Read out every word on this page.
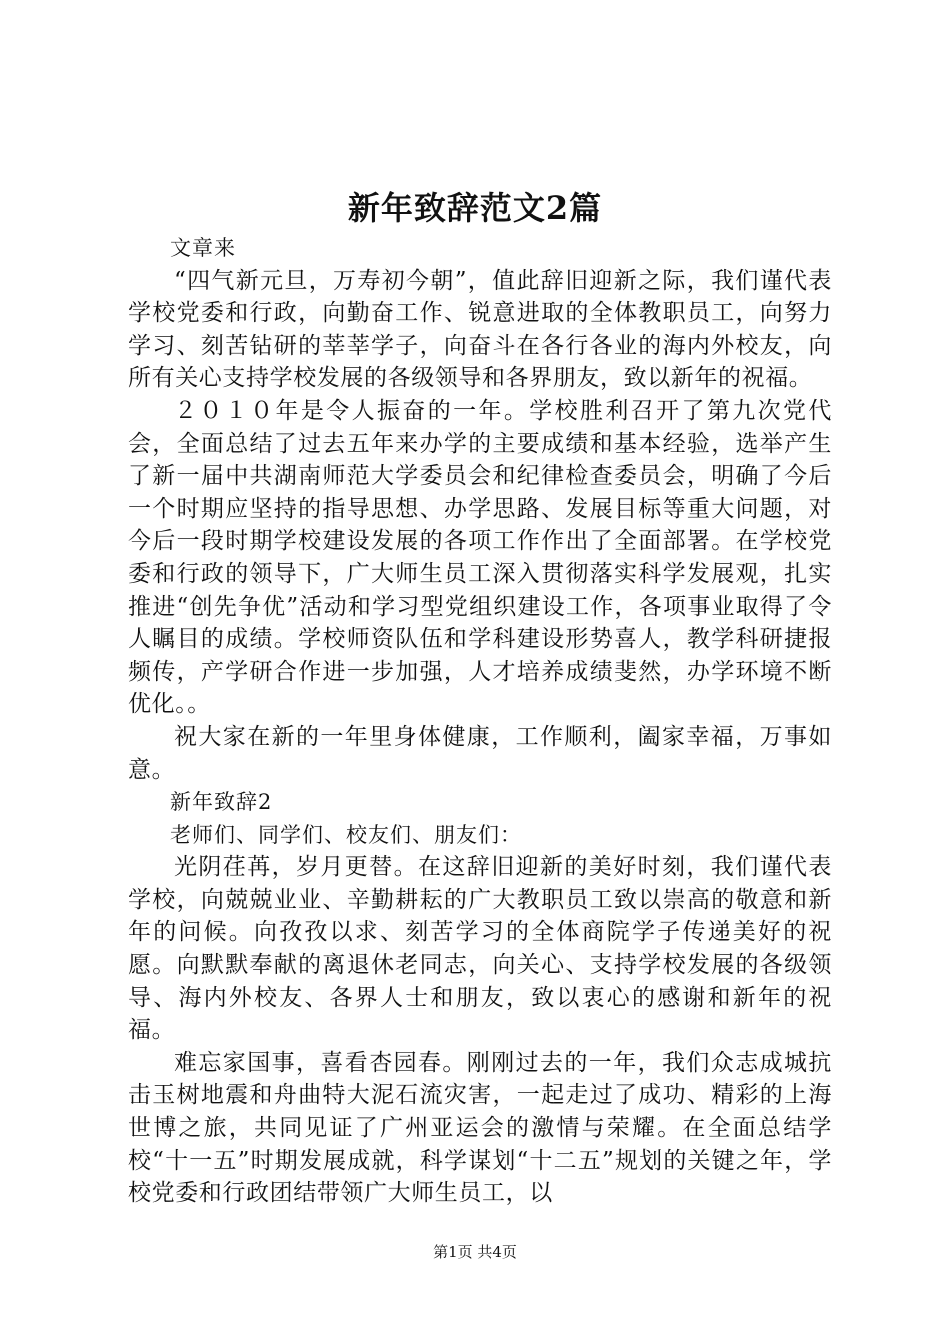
新年致辞范文2篇

文章来

“四气新元旦，万寿初今朝”，值此辞旧迎新之际，我们谨代表学校党委和行政，向勤奋工作、锐意进取的全体教职员工，向努力学习、刻苦钻研的莘莘学子，向奋斗在各行各业的海内外校友，向所有关心支持学校发展的各级领导和各界朋友，致以新年的祝福。

２０１０年是令人振奋的一年。学校胜利召开了第九次党代会，全面总结了过去五年来办学的主要成绩和基本经验，选举产生了新一届中共湖南师范大学委员会和纪律检查委员会，明确了今后一个时期应坚持的指导思想、办学思路、发展目标等重大问题，对今后一段时期学校建设发展的各项工作作出了全面部署。在学校党委和行政的领导下，广大师生员工深入贯彻落实科学发展观，扎实推进“创先争优”活动和学习型党组织建设工作，各项事业取得了令人瞩目的成绩。学校师资队伍和学科建设形势喜人，教学科研捷报频传，产学研合作进一步加强，人才培养成绩斐然，办学环境不断优化。。

祝大家在新的一年里身体健康，工作顺利，阖家幸福，万事如意。

新年致辞2

老师们、同学们、校友们、朋友们：

光阴荏苒，岁月更替。在这辞旧迎新的美好时刻，我们谨代表学校，向兢兢业业、辛勤耕耘的广大教职员工致以崇高的敬意和新年的问候。向孜孜以求、刻苦学习的全体商院学子传递美好的祝愿。向默默奉献的离退休老同志，向关心、支持学校发展的各级领导、海内外校友、各界人士和朋友，致以衷心的感谢和新年的祝福。

难忘家国事，喜看杏园春。刚刚过去的一年，我们众志成城抗击玉树地震和舟曲特大泥石流灾害，一起走过了成功、精彩的上海世博之旅，共同见证了广州亚运会的激情与荣耀。在全面总结学校“十一五”时期发展成就，科学谋划“十二五”规划的关键之年，学校党委和行政团结带领广大师生员工，以

第1页 共4页
